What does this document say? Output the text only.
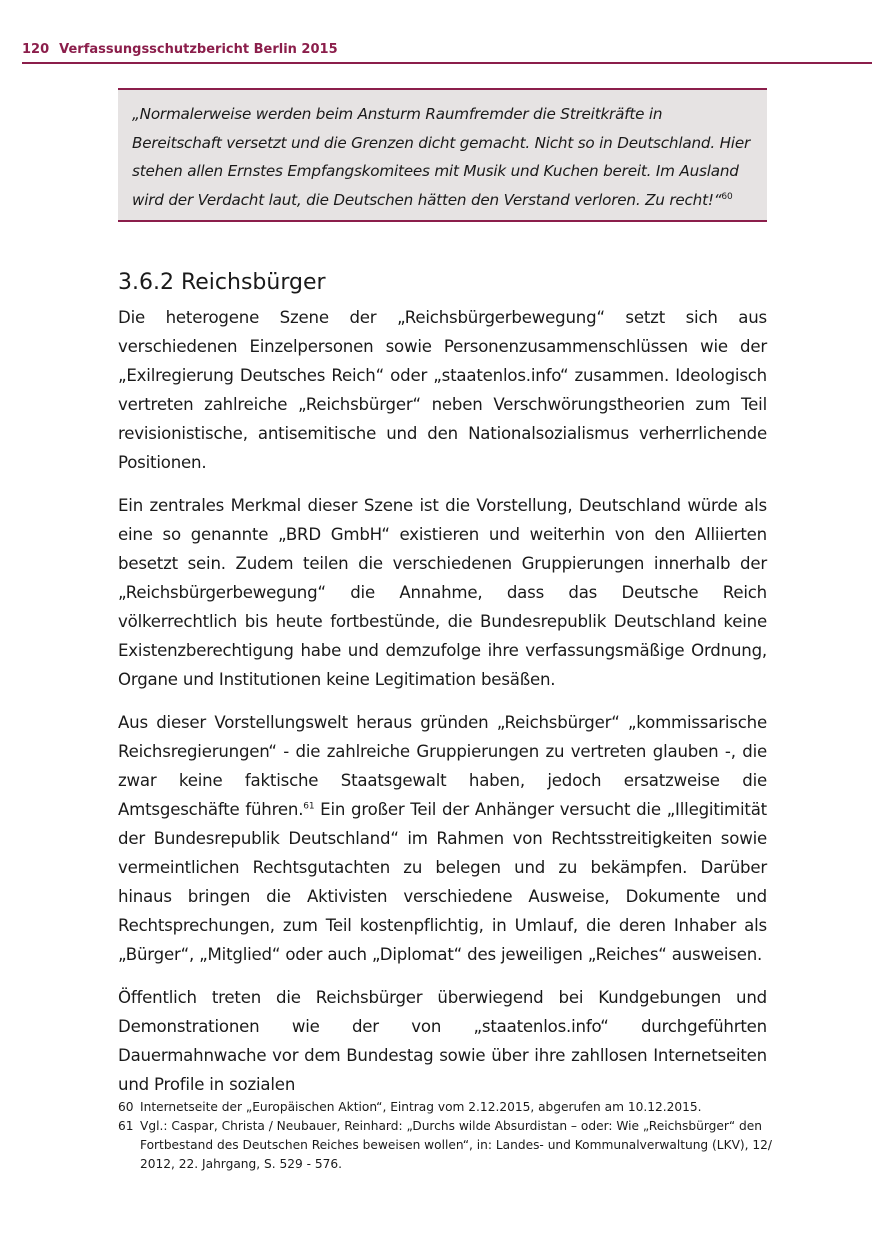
120 Verfassungsschutzbericht Berlin 2015

„Normalerweise werden beim Ansturm Raumfremder die Streitkräfte in Bereitschaft versetzt und die Grenzen dicht gemacht. Nicht so in Deutschland. Hier stehen allen Ernstes Empfangskomitees mit Musik und Kuchen bereit. Im Ausland wird der Verdacht laut, die Deutschen hätten den Verstand verloren. Zu recht!“$^{60}$

3.6.2 Reichsbürger

Die heterogene Szene der „Reichsbürgerbewegung“ setzt sich aus verschiedenen Einzelpersonen sowie Personenzusammenschlüssen wie der „Exilregierung Deutsches Reich“ oder „staatenlos.info“ zusammen. Ideologisch vertreten zahlreiche „Reichsbürger“ neben Verschwörungstheorien zum Teil revisionistische, antisemitische und den Nationalsozialismus verherrlichende Positionen.

Ein zentrales Merkmal dieser Szene ist die Vorstellung, Deutschland würde als eine so genannte „BRD GmbH“ existieren und weiterhin von den Alliierten besetzt sein. Zudem teilen die verschiedenen Gruppierungen innerhalb der „Reichsbürgerbewegung“ die Annahme, dass das Deutsche Reich völkerrechtlich bis heute fortbestünde, die Bundesrepublik Deutschland keine Existenzberechtigung habe und demzufolge ihre verfassungsmäßige Ordnung, Organe und Institutionen keine Legitimation besäßen.

Aus dieser Vorstellungswelt heraus gründen „Reichsbürger“ „kommissarische Reichsregierungen“ - die zahlreiche Gruppierungen zu vertreten glauben -, die zwar keine faktische Staatsgewalt haben, jedoch ersatzweise die Amtsgeschäfte führen.$^{61}$ Ein großer Teil der Anhänger versucht die „Illegitimität der Bundesrepublik Deutschland“ im Rahmen von Rechtsstreitigkeiten sowie vermeintlichen Rechtsgutachten zu belegen und zu bekämpfen. Darüber hinaus bringen die Aktivisten verschiedene Ausweise, Dokumente und Rechtsprechungen, zum Teil kostenpflichtig, in Umlauf, die deren Inhaber als „Bürger“, „Mitglied“ oder auch „Diplomat“ des jeweiligen „Reiches“ ausweisen.

Öffentlich treten die Reichsbürger überwiegend bei Kundgebungen und Demonstrationen wie der von „staatenlos.info“ durchgeführten Dauermahnwache vor dem Bundestag sowie über ihre zahllosen Internetseiten und Profile in sozialen

60 Internetseite der „Europäischen Aktion“, Eintrag vom 2.12.2015, abgerufen am 10.12.2015.
61 Vgl.: Caspar, Christa / Neubauer, Reinhard: „Durchs wilde Absurdistan – oder: Wie „Reichsbürger“ den Fortbestand des Deutschen Reiches beweisen wollen“, in: Landes- und Kommunalverwaltung (LKV), 12/ 2012, 22. Jahrgang, S. 529 - 576.
